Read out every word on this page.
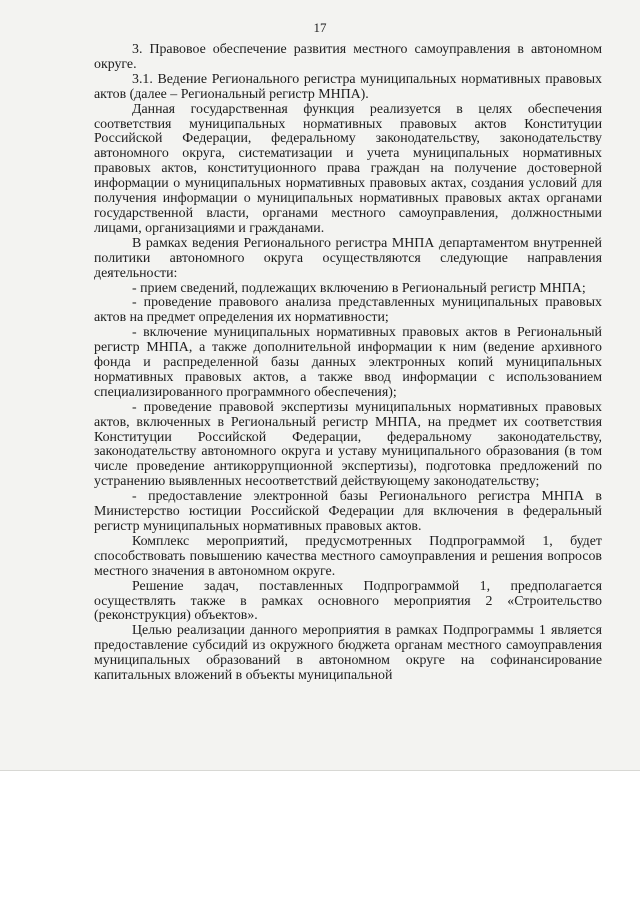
17

3. Правовое обеспечение развития местного самоуправления в автономном округе.

3.1. Ведение Регионального регистра муниципальных нормативных правовых актов (далее – Региональный регистр МНПА).

Данная государственная функция реализуется в целях обеспечения соответствия муниципальных нормативных правовых актов Конституции Российской Федерации, федеральному законодательству, законодательству автономного округа, систематизации и учета муниципальных нормативных правовых актов, конституционного права граждан на получение достоверной информации о муниципальных нормативных правовых актах, создания условий для получения информации о муниципальных нормативных правовых актах органами государственной власти, органами местного самоуправления, должностными лицами, организациями и гражданами.

В рамках ведения Регионального регистра МНПА департаментом внутренней политики автономного округа осуществляются следующие направления деятельности:

- прием сведений, подлежащих включению в Региональный регистр МНПА;

- проведение правового анализа представленных муниципальных правовых актов на предмет определения их нормативности;

- включение муниципальных нормативных правовых актов в Региональный регистр МНПА, а также дополнительной информации к ним (ведение архивного фонда и распределенной базы данных электронных копий муниципальных нормативных правовых актов, а также ввод информации с использованием специализированного программного обеспечения);

- проведение правовой экспертизы муниципальных нормативных правовых актов, включенных в Региональный регистр МНПА, на предмет их соответствия Конституции Российской Федерации, федеральному законодательству, законодательству автономного округа и уставу муниципального образования (в том числе проведение антикоррупционной экспертизы), подготовка предложений по устранению выявленных несоответствий действующему законодательству;

- предоставление электронной базы Регионального регистра МНПА в Министерство юстиции Российской Федерации для включения в федеральный регистр муниципальных нормативных правовых актов.

Комплекс мероприятий, предусмотренных Подпрограммой 1, будет способствовать повышению качества местного самоуправления и решения вопросов местного значения в автономном округе.

Решение задач, поставленных Подпрограммой 1, предполагается осуществлять также в рамках основного мероприятия 2 «Строительство (реконструкция) объектов».

Целью реализации данного мероприятия в рамках Подпрограммы 1 является предоставление субсидий из окружного бюджета органам местного самоуправления муниципальных образований в автономном округе на софинансирование капитальных вложений в объекты муниципальной
